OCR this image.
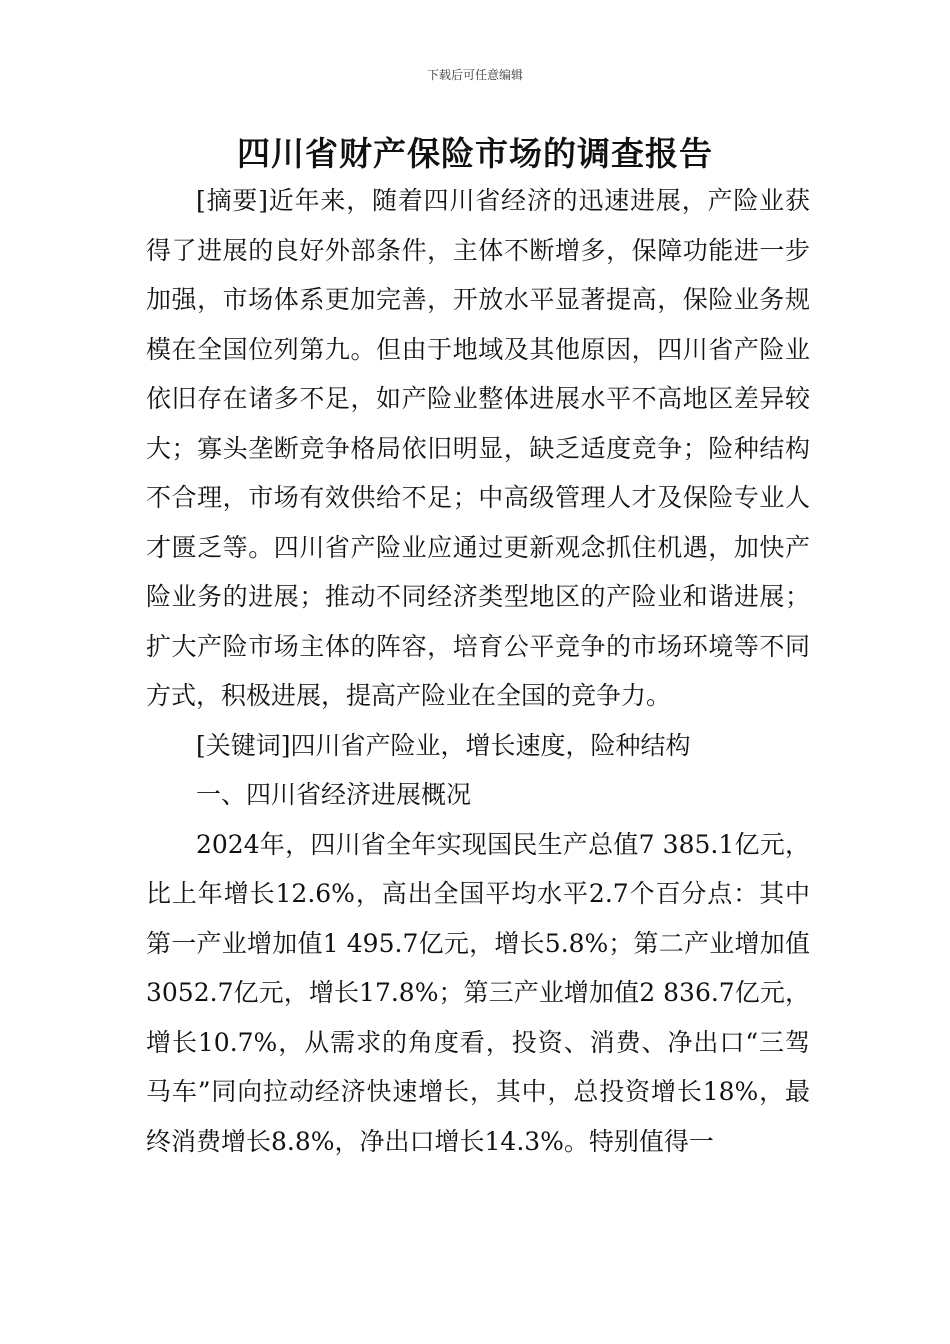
下载后可任意编辑
四川省财产保险市场的调查报告

[摘要]近年来，随着四川省经济的迅速进展，产险业获得了进展的良好外部条件，主体不断增多，保障功能进一步加强，市场体系更加完善，开放水平显著提高，保险业务规模在全国位列第九。但由于地域及其他原因，四川省产险业依旧存在诸多不足，如产险业整体进展水平不高地区差异较大；寡头垄断竞争格局依旧明显，缺乏适度竞争；险种结构不合理，市场有效供给不足；中高级管理人才及保险专业人才匮乏等。四川省产险业应通过更新观念抓住机遇，加快产险业务的进展；推动不同经济类型地区的产险业和谐进展；扩大产险市场主体的阵容，培育公平竞争的市场环境等不同方式，积极进展，提高产险业在全国的竞争力。

[关键词]四川省产险业，增长速度，险种结构

一、四川省经济进展概况

2024年，四川省全年实现国民生产总值7 385.1亿元，比上年增长12.6%，高出全国平均水平2.7个百分点：其中第一产业增加值1 495.7亿元，增长5.8%；第二产业增加值3052.7亿元，增长17.8%；第三产业增加值2 836.7亿元，增长10.7%，从需求的角度看，投资、消费、净出口“三驾马车”同向拉动经济快速增长，其中，总投资增长18%，最终消费增长8.8%，净出口增长14.3%。特别值得一
